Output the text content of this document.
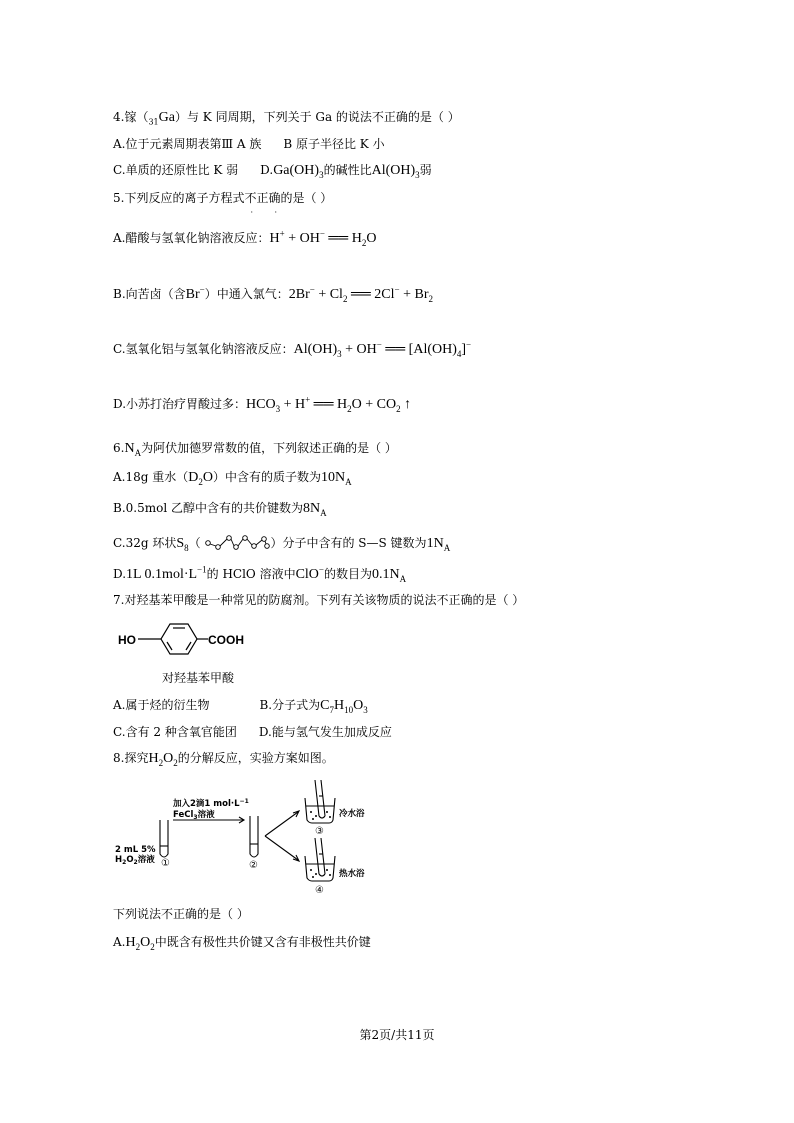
4.镓$(_{31}Ga)$与 K 同周期，下列关于 Ga 的说法不正确的是（ ）
A.位于元素周期表第Ⅲ A 族 B 原子半径比 K 小
C.单质的还原性比 K 弱 $D.Ga(OH)_3$的碱性比$Al(OH)_3$弱
5.下列反应的离子方程式不正确
·	·
的是（ ）
A.醋酸与氢氧化钠溶液反应：H+ + OH− ══ $H_2O$
B.向苦卤（含Br−）中通入氯气：$2Br^- + Cl_2$ ══ $2Cl^- + Br_2$
C.氢氧化铝与氢氧化钠溶液反应：$Al(OH)_3 + OH^-$ ══ $[Al(OH)_4]^-$
D.小苏打治疗胃酸过多：$HCO_3 + H^+$ ══ $H_2O + CO_2$ ↑
$6.N_A$为阿伏加德罗常数的值，下列叙述正确的是（ ）
A.18g 重水$(D_2O)$中含有的质子数为$10N_A$
B.0.5mol 乙醇中含有的共价键数为$8N_A$
C.32g 环状$S_8$（	）分子中含有的 S—S 键数为$1N_A$
D.1L $0.1mol\cdot L^{-1}$的 HClO 溶液中ClO−的数目为$0.1N_A$
7.对羟基苯甲酸是一种常见的防腐剂。下列有关该物质的说法不正确的是（ ）
HO	COOH
对羟基苯甲酸
A.属于烃的衍生物	B.分子式为$C_7H_{10}O_3$
C.含有 2 种含氧官能团 D.能与氢气发生加成反应
8.探究$H_2O_2$的分解反应，实验方案如图。
加入2滴1 $mol\cdot L^{-1}$
FeCl$_3$溶液
2 mL 5%
$H_2O_2$溶液 ①	②
③
④
冷水浴
热水浴
下列说法不正确的是（ ）
$A.H_2O_2$中既含有极性共价键又含有非极性共价键
第2页/共11页
